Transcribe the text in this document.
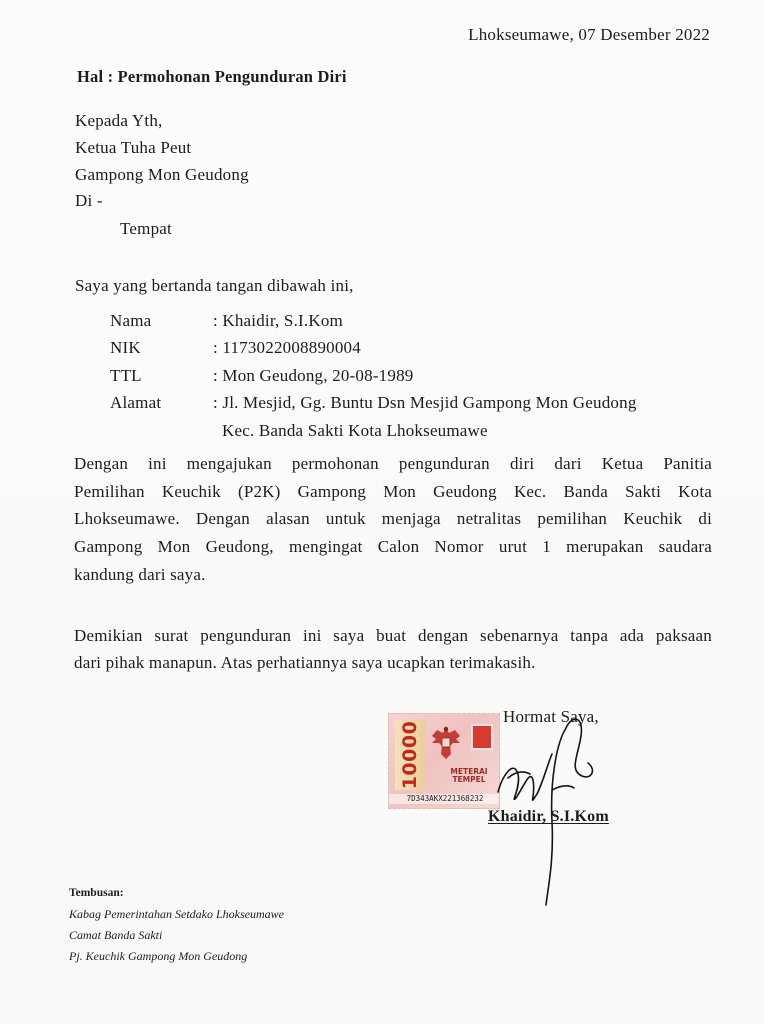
Lhokseumawe, 07 Desember 2022
Hal : Permohonan Pengunduran Diri
Kepada Yth,
Ketua Tuha Peut
Gampong Mon Geudong
Di -
Tempat
Saya yang bertanda tangan dibawah ini,
Nama	: Khaidir, S.I.Kom
NIK	: 1173022008890004
TTL	: Mon Geudong, 20-08-1989
Alamat	: Jl. Mesjid, Gg. Buntu Dsn Mesjid Gampong Mon Geudong
Kec. Banda Sakti Kota Lhokseumawe
Dengan ini mengajukan permohonan pengunduran diri dari Ketua Panitia
Pemilihan Keuchik (P2K) Gampong Mon Geudong Kec. Banda Sakti Kota
Lhokseumawe. Dengan alasan untuk menjaga netralitas pemilihan Keuchik di
Gampong Mon Geudong, mengingat Calon Nomor urut 1 merupakan saudara
kandung dari saya.
Demikian surat pengunduran ini saya buat dengan sebenarnya tanpa ada paksaan
dari pihak manapun. Atas perhatiannya saya ucapkan terimakasih.
Hormat Saya,
10000	METERAI
TEMPEL
7D343AKX221368232
Khaidir, S.I.Kom
Tembusan:
Kabag Pemerintahan Setdako Lhokseumawe
Camat Banda Sakti
Pj. Keuchik Gampong Mon Geudong
